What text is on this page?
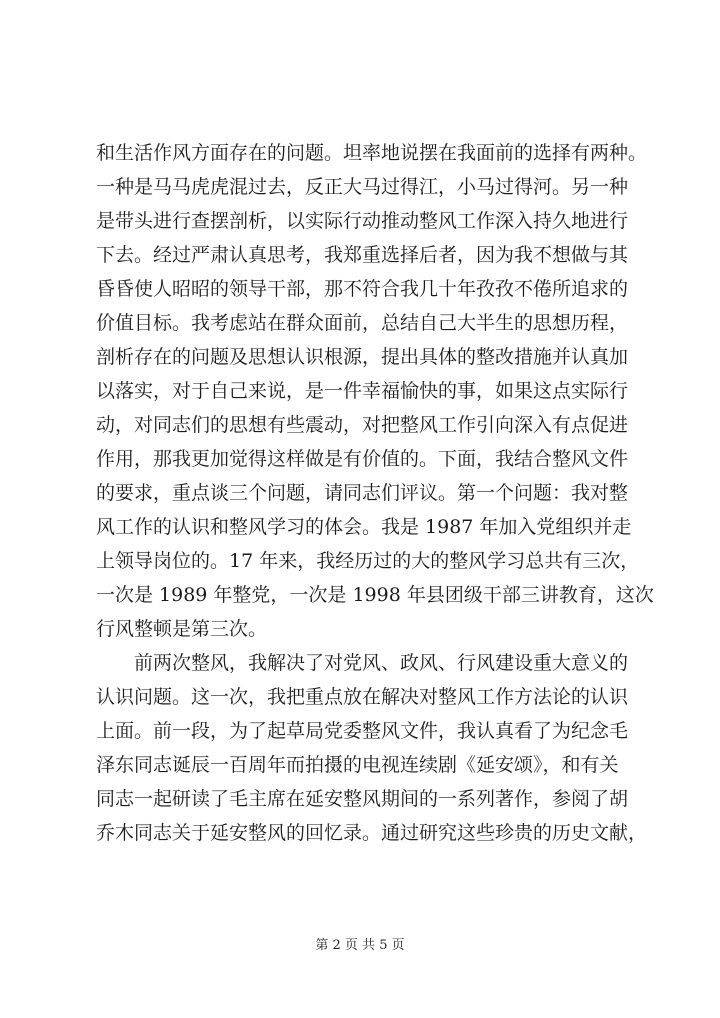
和生活作风方面存在的问题。坦率地说摆在我面前的选择有两种。
一种是马马虎虎混过去，反正大马过得江，小马过得河。另一种
是带头进行查摆剖析，以实际行动推动整风工作深入持久地进行
下去。经过严肃认真思考，我郑重选择后者，因为我不想做与其
昏昏使人昭昭的领导干部，那不符合我几十年孜孜不倦所追求的
价值目标。我考虑站在群众面前，总结自己大半生的思想历程，
剖析存在的问题及思想认识根源，提出具体的整改措施并认真加
以落实，对于自己来说，是一件幸福愉快的事，如果这点实际行
动，对同志们的思想有些震动，对把整风工作引向深入有点促进
作用，那我更加觉得这样做是有价值的。下面，我结合整风文件
的要求，重点谈三个问题，请同志们评议。第一个问题：我对整
风工作的认识和整风学习的体会。我是 1987 年加入党组织并走
上领导岗位的。17 年来，我经历过的大的整风学习总共有三次，
一次是 1989 年整党，一次是 1998 年县团级干部三讲教育，这次
行风整顿是第三次。
前两次整风，我解决了对党风、政风、行风建设重大意义的
认识问题。这一次，我把重点放在解决对整风工作方法论的认识
上面。前一段，为了起草局党委整风文件，我认真看了为纪念毛
泽东同志诞辰一百周年而拍摄的电视连续剧《延安颂》，和有关
同志一起研读了毛主席在延安整风期间的一系列著作，参阅了胡
乔木同志关于延安整风的回忆录。通过研究这些珍贵的历史文献，
第 2 页 共 5 页
